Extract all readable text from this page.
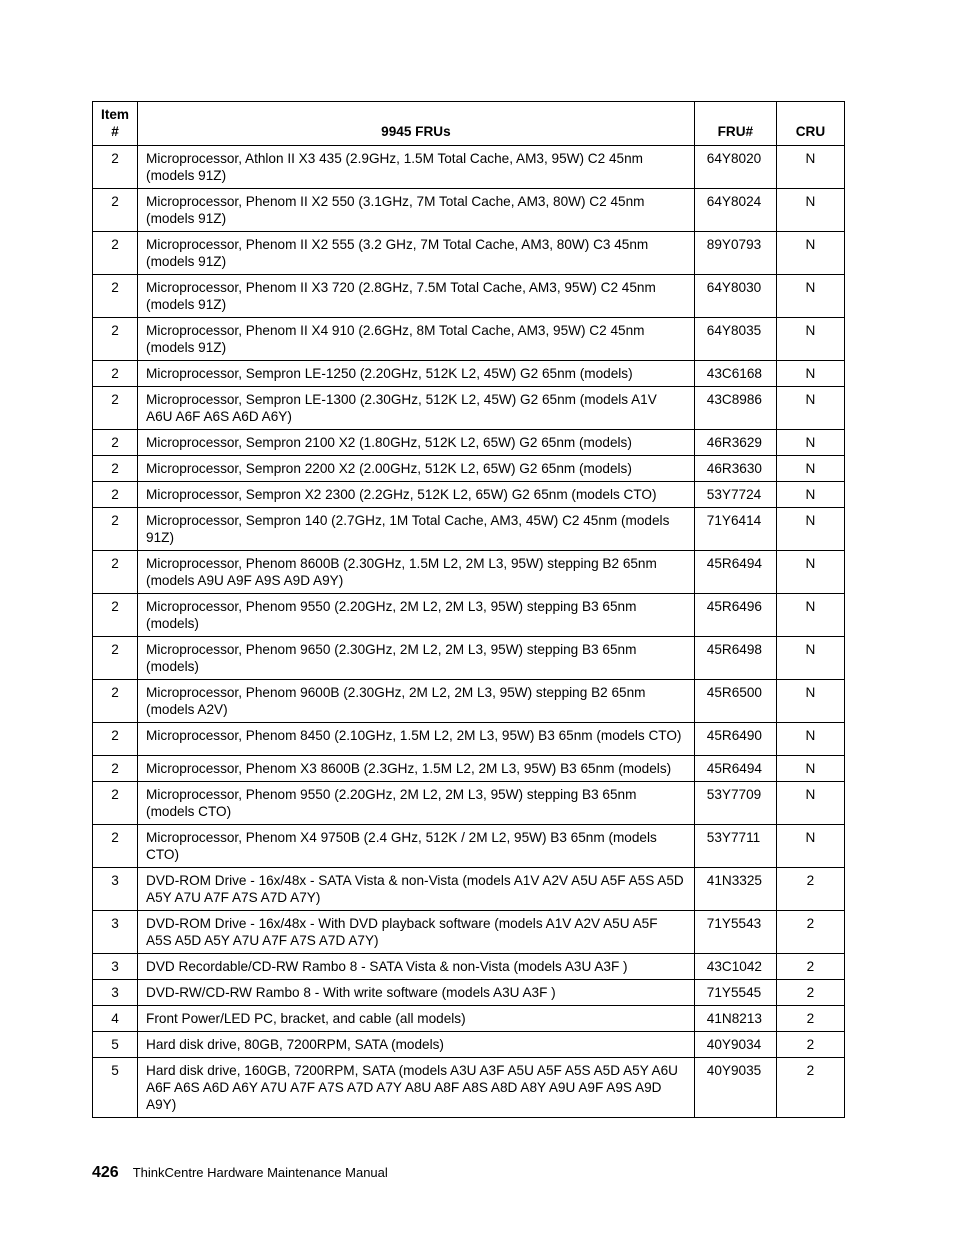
Item
#	9945 FRUs	FRU#	CRU
2	Microprocessor, Athlon II X3 435 (2.9GHz, 1.5M Total Cache, AM3, 95W) C2 45nm (models 91Z)	64Y8020	N
2	Microprocessor, Phenom II X2 550 (3.1GHz, 7M Total Cache, AM3, 80W) C2 45nm (models 91Z)	64Y8024	N
2	Microprocessor, Phenom II X2 555 (3.2 GHz, 7M Total Cache, AM3, 80W) C3 45nm (models 91Z)	89Y0793	N
2	Microprocessor, Phenom II X3 720 (2.8GHz, 7.5M Total Cache, AM3, 95W) C2 45nm (models 91Z)	64Y8030	N
2	Microprocessor, Phenom II X4 910 (2.6GHz, 8M Total Cache, AM3, 95W) C2 45nm (models 91Z)	64Y8035	N
2	Microprocessor, Sempron LE-1250 (2.20GHz, 512K L2, 45W) G2 65nm (models)	43C6168	N
2	Microprocessor, Sempron LE-1300 (2.30GHz, 512K L2, 45W) G2 65nm (models A1V A6U A6F A6S A6D A6Y)	43C8986	N
2	Microprocessor, Sempron 2100 X2 (1.80GHz, 512K L2, 65W) G2 65nm (models)	46R3629	N
2	Microprocessor, Sempron 2200 X2 (2.00GHz, 512K L2, 65W) G2 65nm (models)	46R3630	N
2	Microprocessor, Sempron X2 2300 (2.2GHz, 512K L2, 65W) G2 65nm (models CTO)	53Y7724	N
2	Microprocessor, Sempron 140 (2.7GHz, 1M Total Cache, AM3, 45W) C2 45nm (models 91Z)	71Y6414	N
2	Microprocessor, Phenom 8600B (2.30GHz, 1.5M L2, 2M L3, 95W) stepping B2 65nm (models A9U A9F A9S A9D A9Y)	45R6494	N
2	Microprocessor, Phenom 9550 (2.20GHz, 2M L2, 2M L3, 95W) stepping B3 65nm (models)	45R6496	N
2	Microprocessor, Phenom 9650 (2.30GHz, 2M L2, 2M L3, 95W) stepping B3 65nm (models)	45R6498	N
2	Microprocessor, Phenom 9600B (2.30GHz, 2M L2, 2M L3, 95W) stepping B2 65nm (models A2V)	45R6500	N
2	Microprocessor, Phenom 8450 (2.10GHz, 1.5M L2, 2M L3, 95W) B3 65nm (models CTO)	45R6490	N
2	Microprocessor, Phenom X3 8600B (2.3GHz, 1.5M L2, 2M L3, 95W) B3 65nm (models)	45R6494	N
2	Microprocessor, Phenom 9550 (2.20GHz, 2M L2, 2M L3, 95W) stepping B3 65nm (models CTO)	53Y7709	N
2	Microprocessor, Phenom X4 9750B (2.4 GHz, 512K / 2M L2, 95W) B3 65nm (models CTO)	53Y7711	N
3	DVD-ROM Drive - 16x/48x - SATA Vista & non-Vista (models A1V A2V A5U A5F A5S A5D A5Y A7U A7F A7S A7D A7Y)	41N3325	2
3	DVD-ROM Drive - 16x/48x - With DVD playback software (models A1V A2V A5U A5F A5S A5D A5Y A7U A7F A7S A7D A7Y)	71Y5543	2
3	DVD Recordable/CD-RW Rambo 8 - SATA Vista & non-Vista (models A3U A3F )	43C1042	2
3	DVD-RW/CD-RW Rambo 8 - With write software (models A3U A3F )	71Y5545	2
4	Front Power/LED PC, bracket, and cable (all models)	41N8213	2
5	Hard disk drive, 80GB, 7200RPM, SATA (models)	40Y9034	2
5	Hard disk drive, 160GB, 7200RPM, SATA (models A3U A3F A5U A5F A5S A5D A5Y A6U A6F A6S A6D A6Y A7U A7F A7S A7D A7Y A8U A8F A8S A8D A8Y A9U A9F A9S A9D A9Y)	40Y9035	2
426 ThinkCentre Hardware Maintenance Manual
